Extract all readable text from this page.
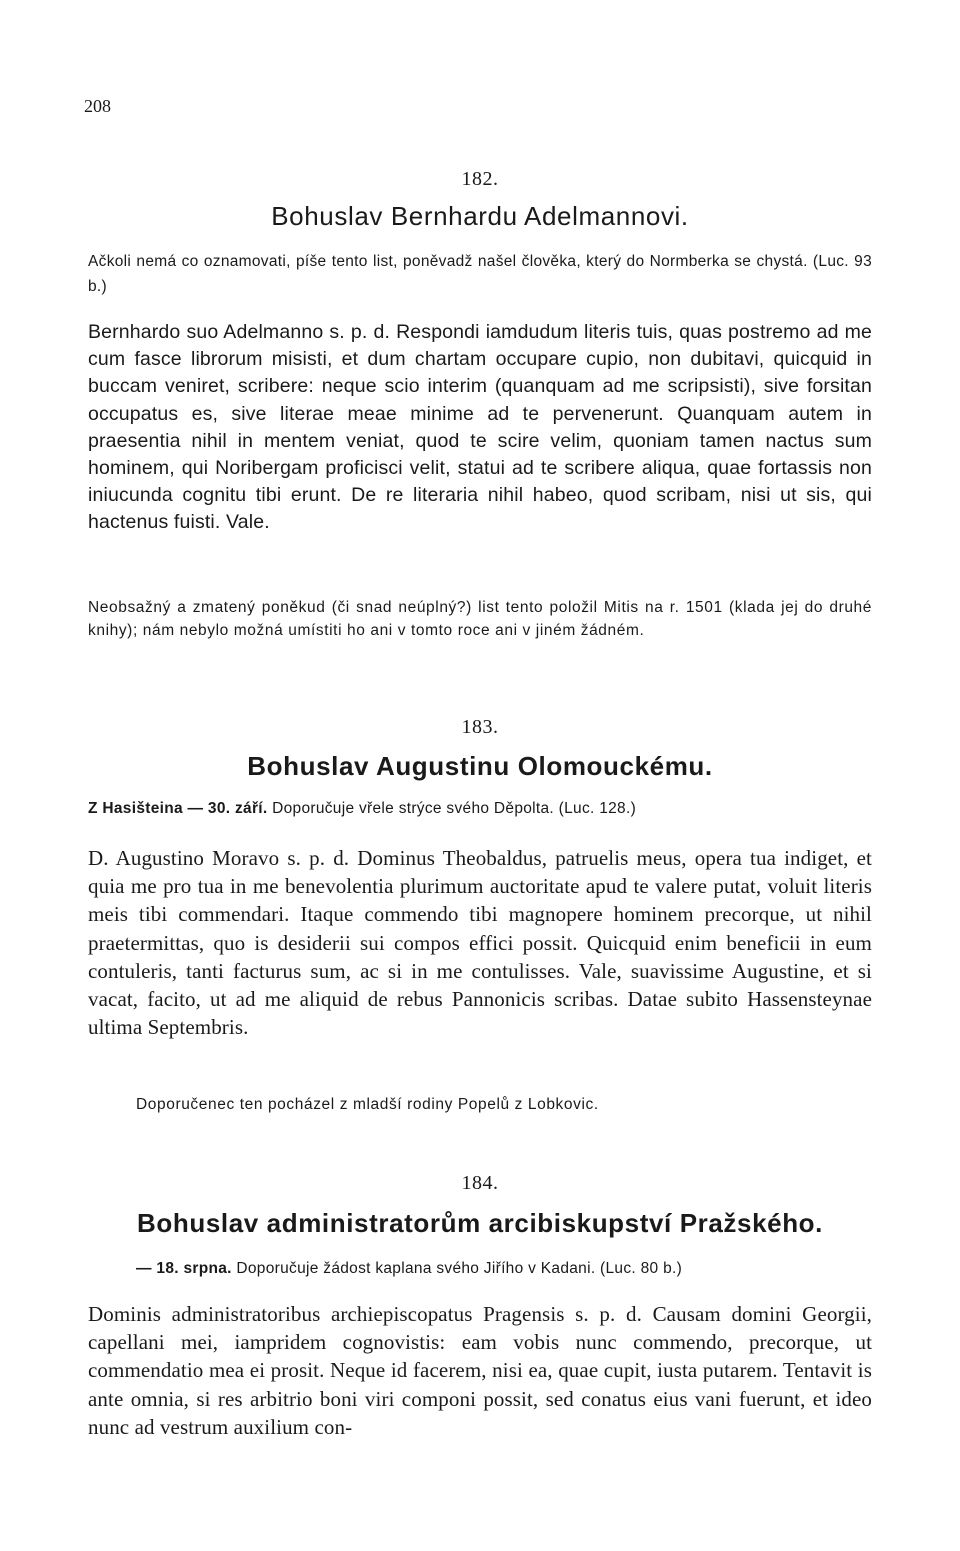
208
182.
Bohuslav Bernhardu Adelmannovi.
Ačkoli nemá co oznamovati, píše tento list, poněvadž našel člověka, který do Normberka se chystá. (Luc. 93 b.)
Bernhardo suo Adelmanno s. p. d. Respondi iamdudum literis tuis, quas postremo ad me cum fasce librorum misisti, et dum chartam occupare cupio, non dubitavi, quicquid in buccam veniret, scribere: neque scio interim (quanquam ad me scripsisti), sive forsitan occupatus es, sive literae meae minime ad te pervenerunt. Quanquam autem in praesentia nihil in mentem veniat, quod te scire velim, quoniam tamen nactus sum hominem, qui Noribergam proficisci velit, statui ad te scribere aliqua, quae fortassis non iniucunda cognitu tibi erunt. De re literaria nihil habeo, quod scribam, nisi ut sis, qui hactenus fuisti. Vale.
Neobsažný a zmatený poněkud (či snad neúplný?) list tento položil Mitis na r. 1501 (klada jej do druhé knihy); nám nebylo možná umístiti ho ani v tomto roce ani v jiném žádném.
183.
Bohuslav Augustinu Olomouckému.
Z Hasišteina — 30. září. Doporučuje vřele strýce svého Děpolta. (Luc. 128.)
D. Augustino Moravo s. p. d. Dominus Theobaldus, patruelis meus, opera tua indiget, et quia me pro tua in me benevolentia plurimum auctoritate apud te valere putat, voluit literis meis tibi commendari. Itaque commendo tibi magnopere hominem precorque, ut nihil praetermittas, quo is desiderii sui compos effici possit. Quicquid enim beneficii in eum contuleris, tanti facturus sum, ac si in me contulisses. Vale, suavissime Augustine, et si vacat, facito, ut ad me aliquid de rebus Pannonicis scribas. Datae subito Hassensteynae ultima Septembris.
Doporučenec ten pocházel z mladší rodiny Popelů z Lobkovic.
184.
Bohuslav administratorům arcibiskupství Pražského.
— 18. srpna. Doporučuje žádost kaplana svého Jiřího v Kadani. (Luc. 80 b.)
Dominis administratoribus archiepiscopatus Pragensis s. p. d. Causam domini Georgii, capellani mei, iampridem cognovistis: eam vobis nunc commendo, precorque, ut commendatio mea ei prosit. Neque id facerem, nisi ea, quae cupit, iusta putarem. Tentavit is ante omnia, si res arbitrio boni viri componi possit, sed conatus eius vani fuerunt, et ideo nunc ad vestrum auxilium con-
